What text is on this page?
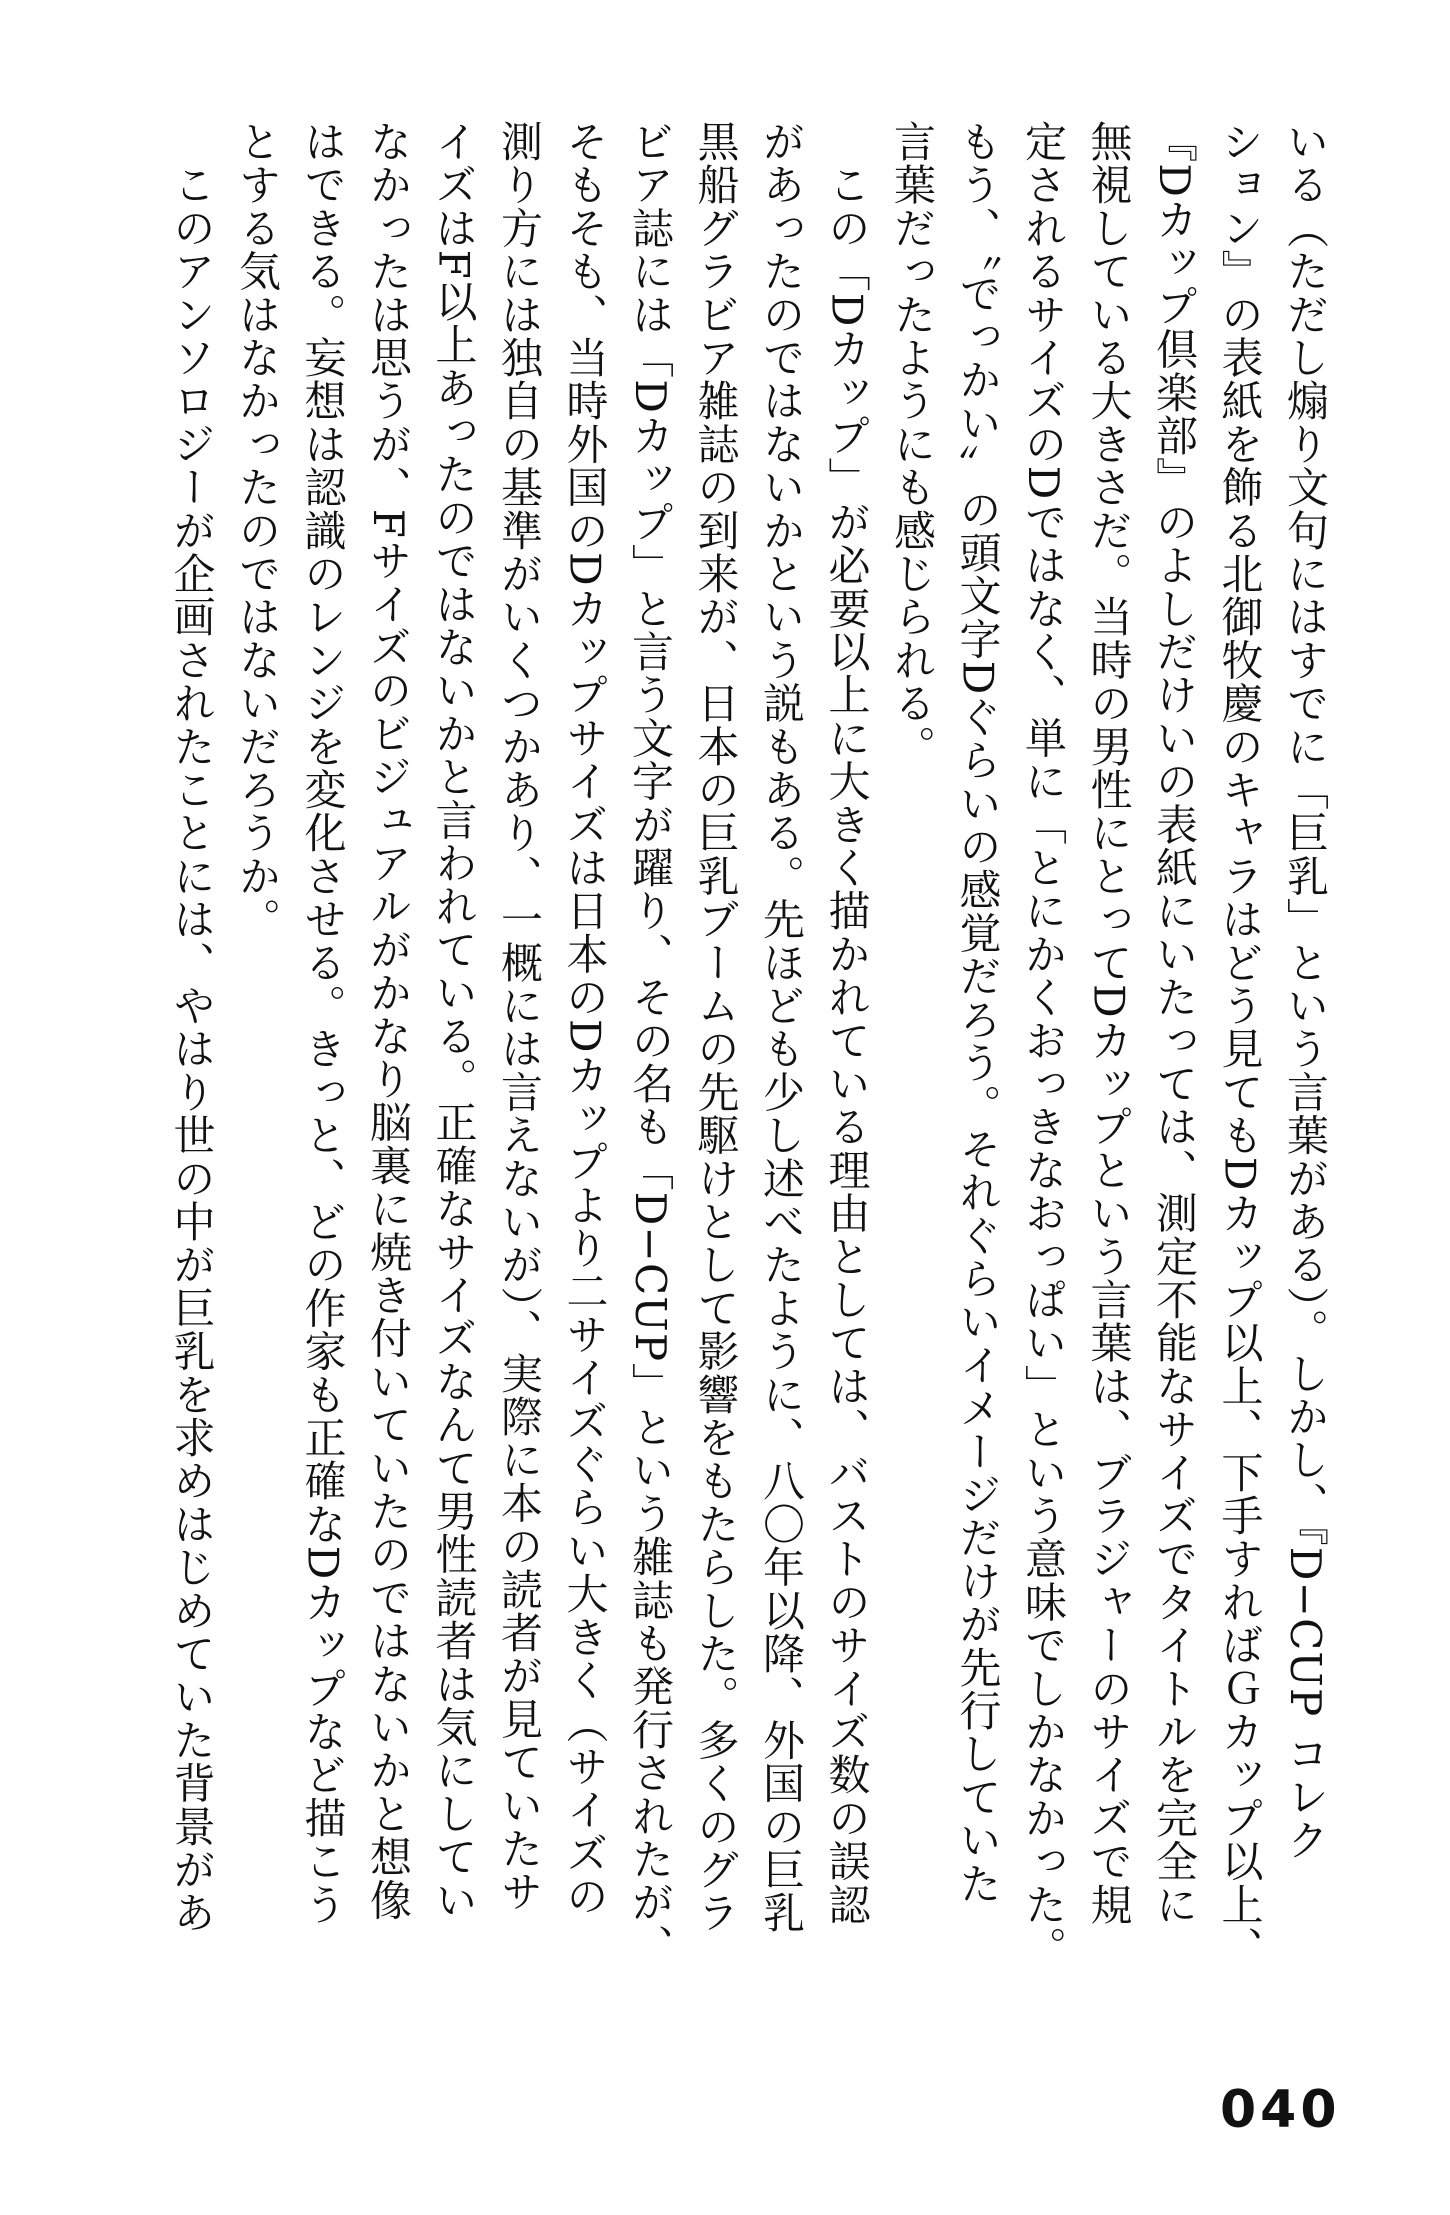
いる（ただし煽り文句にはすでに「巨乳」という言葉がある）。しかし、『D−CUP コレク
ション』の表紙を飾る北御牧慶のキャラはどう見てもDカップ以上、下手すればＧカップ以上、
『Dカップ倶楽部』のよしだけいの表紙にいたっては、測定不能なサイズでタイトルを完全に
無視している大きさだ。当時の男性にとってDカップという言葉は、ブラジャーのサイズで規
定されるサイズのDではなく、単に「とにかくおっきなおっぱい」という意味でしかなかった。
もう、〝でっかい〟の頭文字Dぐらいの感覚だろう。それぐらいイメージだけが先行していた
言葉だったようにも感じられる。
　この「Dカップ」が必要以上に大きく描かれている理由としては、バストのサイズ数の誤認
があったのではないかという説もある。先ほども少し述べたように、八〇年以降、外国の巨乳
黒船グラビア雑誌の到来が、日本の巨乳ブームの先駆けとして影響をもたらした。多くのグラ
ビア誌には「Dカップ」と言う文字が躍り、その名も「D−CUP」という雑誌も発行されたが、
そもそも、当時外国のDカップサイズは日本のDカップより二サイズぐらい大きく（サイズの
測り方には独自の基準がいくつかあり、一概には言えないが）、実際に本の読者が見ていたサ
イズはF以上あったのではないかと言われている。正確なサイズなんて男性読者は気にしてい
なかったは思うが、Fサイズのビジュアルがかなり脳裏に焼き付いていたのではないかと想像
はできる。妄想は認識のレンジを変化させる。きっと、どの作家も正確なDカップなど描こう
とする気はなかったのではないだろうか。
　このアンソロジーが企画されたことには、やはり世の中が巨乳を求めはじめていた背景があ
040
